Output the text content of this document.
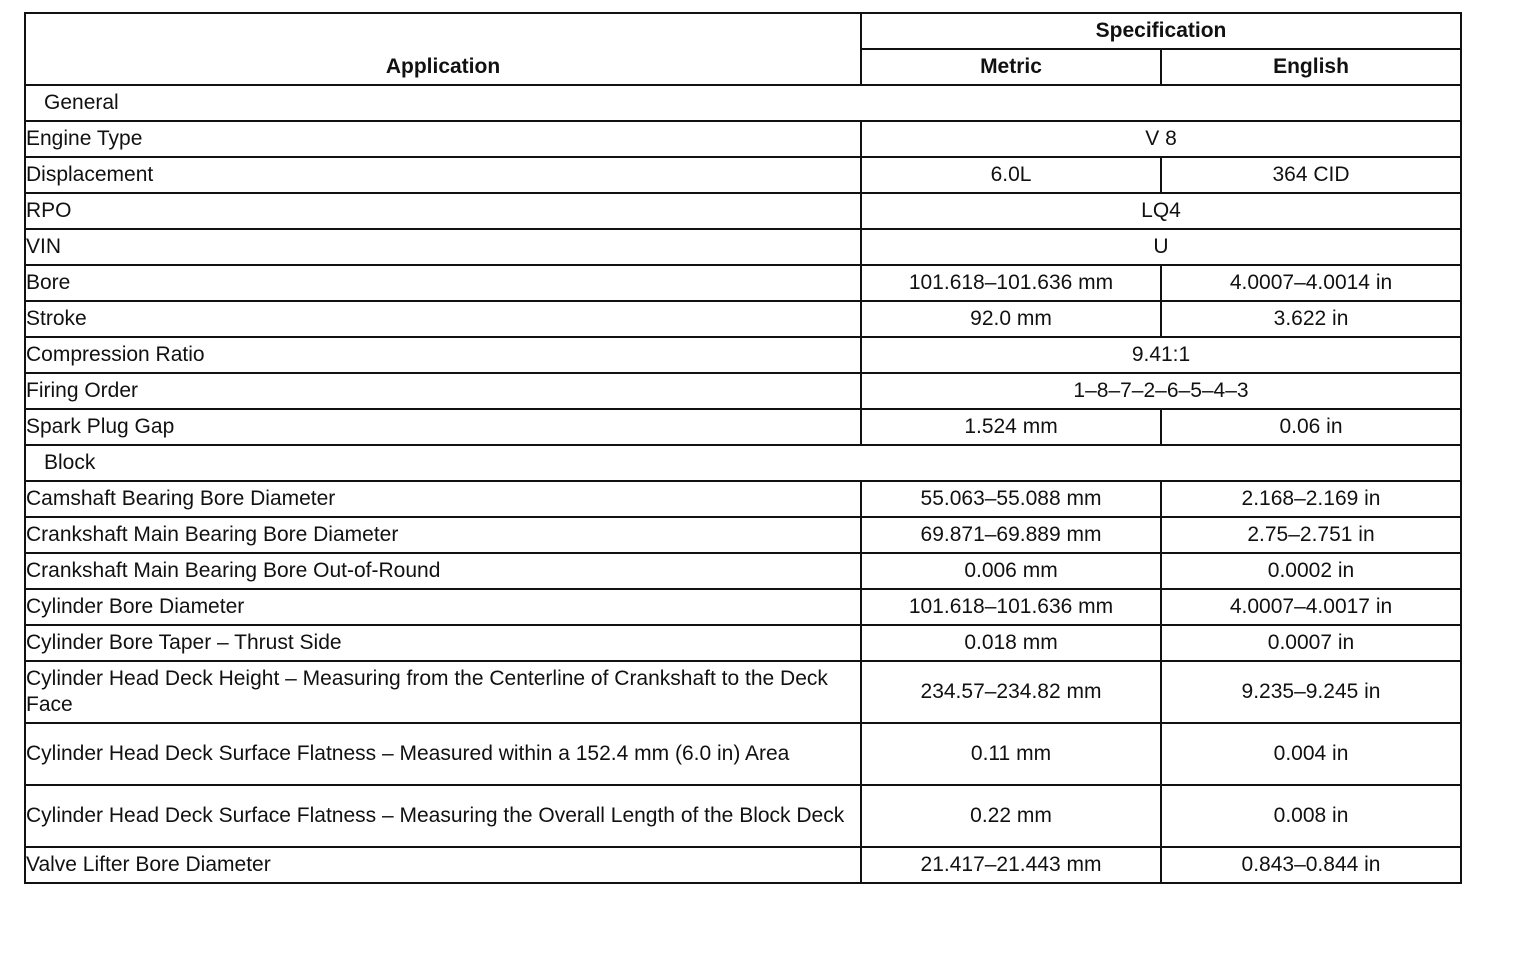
Application	Specification	
	Metric	English
General		
Engine Type	V 8	
Displacement	6.0L	364 CID
RPO	LQ4	
VIN	U	
Bore	101.618–101.636 mm	4.0007–4.0014 in
Stroke	92.0 mm	3.622 in
Compression Ratio	9.41:1	
Firing Order	1–8–7–2–6–5–4–3	
Spark Plug Gap	1.524 mm	0.06 in
Block		
Camshaft Bearing Bore Diameter	55.063–55.088 mm	2.168–2.169 in
Crankshaft Main Bearing Bore Diameter	69.871–69.889 mm	2.75–2.751 in
Crankshaft Main Bearing Bore Out-of-Round	0.006 mm	0.0002 in
Cylinder Bore Diameter	101.618–101.636 mm	4.0007–4.0017 in
Cylinder Bore Taper – Thrust Side	0.018 mm	0.0007 in
Cylinder Head Deck Height – Measuring from the Centerline of Crankshaft to the Deck Face	234.57–234.82 mm	9.235–9.245 in
Cylinder Head Deck Surface Flatness – Measured within a 152.4 mm (6.0 in) Area	0.11 mm	0.004 in
Cylinder Head Deck Surface Flatness – Measuring the Overall Length of the Block Deck	0.22 mm	0.008 in
Valve Lifter Bore Diameter	21.417–21.443 mm	0.843–0.844 in
